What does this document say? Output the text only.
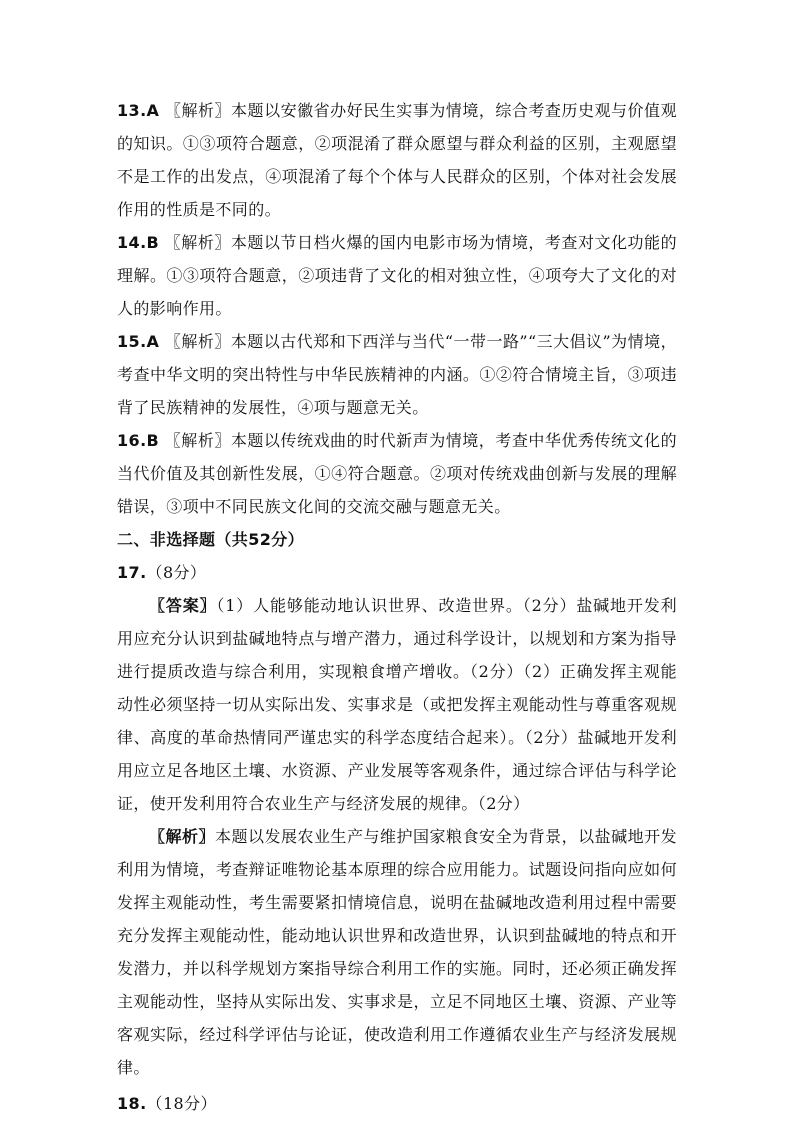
13.A 〖解析〗本题以安徽省办好民生实事为情境，综合考查历史观与价值观的知识。①③项符合题意，②项混淆了群众愿望与群众利益的区别，主观愿望不是工作的出发点，④项混淆了每个个体与人民群众的区别，个体对社会发展作用的性质是不同的。

14.B 〖解析〗本题以节日档火爆的国内电影市场为情境，考查对文化功能的理解。①③项符合题意，②项违背了文化的相对独立性，④项夸大了文化的对人的影响作用。

15.A 〖解析〗本题以古代郑和下西洋与当代“一带一路”“三大倡议”为情境，考查中华文明的突出特性与中华民族精神的内涵。①②符合情境主旨，③项违背了民族精神的发展性，④项与题意无关。

16.B 〖解析〗本题以传统戏曲的时代新声为情境，考查中华优秀传统文化的当代价值及其创新性发展，①④符合题意。②项对传统戏曲创新与发展的理解错误，③项中不同民族文化间的交流交融与题意无关。

二、非选择题（共52分）

17.（8分）

〖答案〗（1）人能够能动地认识世界、改造世界。（2分）盐碱地开发利用应充分认识到盐碱地特点与增产潜力，通过科学设计，以规划和方案为指导进行提质改造与综合利用，实现粮食增产增收。（2分）（2）正确发挥主观能动性必须坚持一切从实际出发、实事求是（或把发挥主观能动性与尊重客观规律、高度的革命热情同严谨忠实的科学态度结合起来）。（2分）盐碱地开发利用应立足各地区土壤、水资源、产业发展等客观条件，通过综合评估与科学论证，使开发利用符合农业生产与经济发展的规律。（2分）

〖解析〗本题以发展农业生产与维护国家粮食安全为背景，以盐碱地开发利用为情境，考查辩证唯物论基本原理的综合应用能力。试题设问指向应如何发挥主观能动性，考生需要紧扣情境信息，说明在盐碱地改造利用过程中需要充分发挥主观能动性，能动地认识世界和改造世界，认识到盐碱地的特点和开发潜力，并以科学规划方案指导综合利用工作的实施。同时，还必须正确发挥主观能动性，坚持从实际出发、实事求是，立足不同地区土壤、资源、产业等客观实际，经过科学评估与论证，使改造利用工作遵循农业生产与经济发展规律。

18.（18分）
